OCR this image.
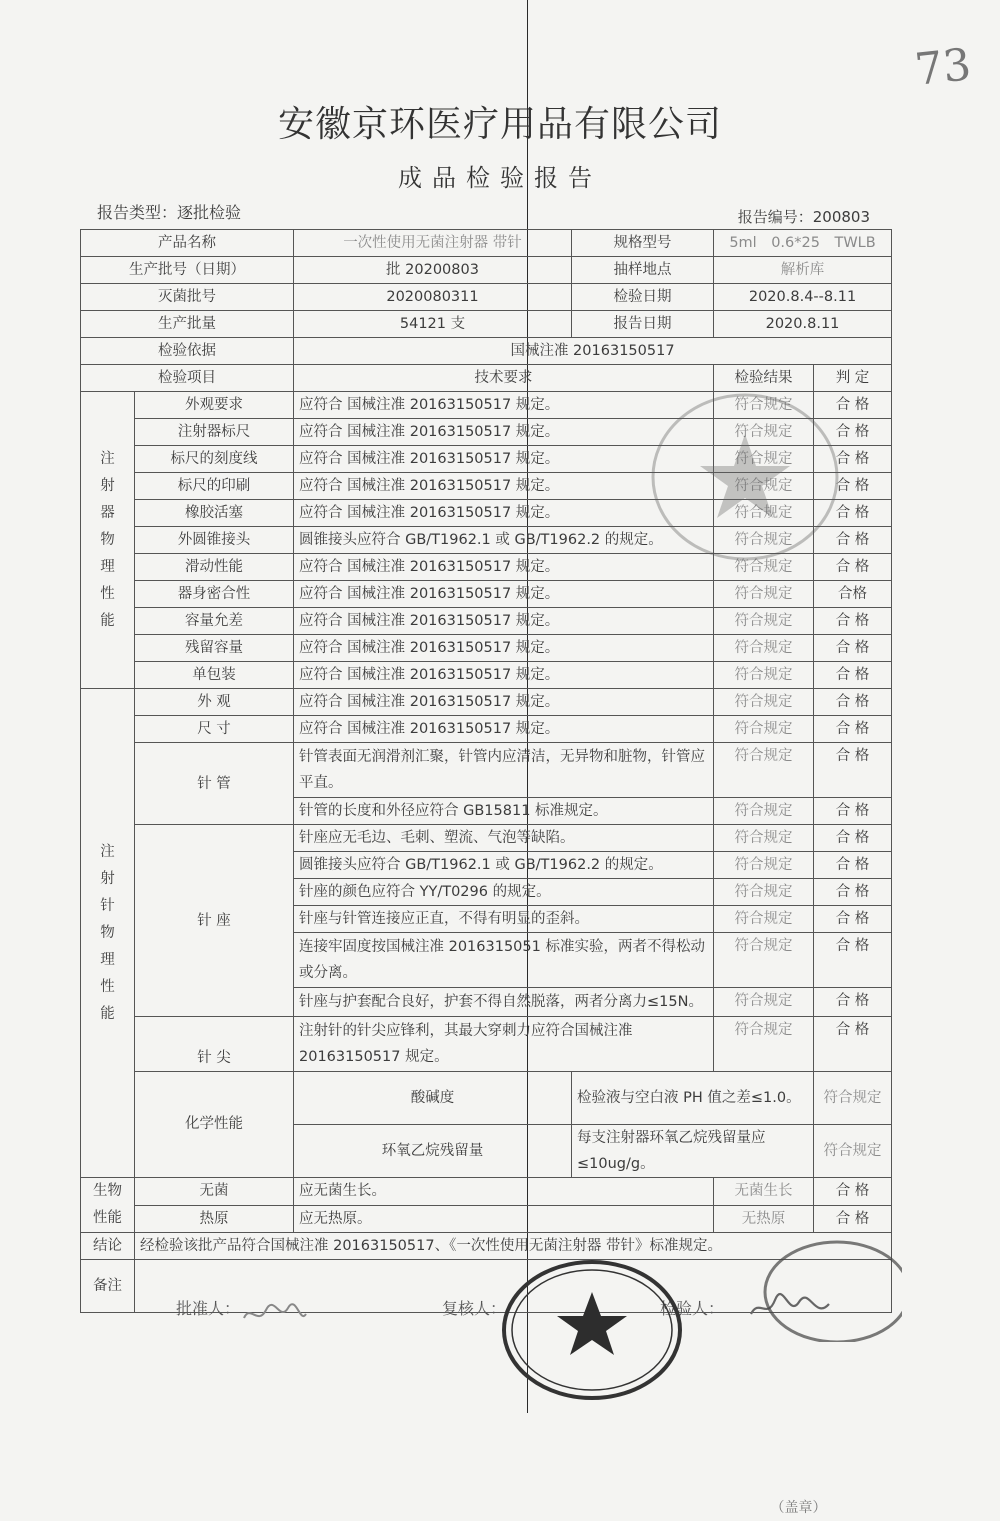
73
安徽京环医疗用品有限公司
成品检验报告
报告类型：逐批检验	报告编号：200803
产品名称		一次性使用无菌注射器 带针	规格型号	5ml　0.6*25　TWLB		
生产批号（日期）		批 20200803	抽样地点	解析库		
灭菌批号		2020080311	检验日期	2020.8.4--8.11		
生产批量		54121 支	报告日期	2020.8.11		
检验依据		国械注准 20163150517				
检验项目		技术要求		检验结果	判 定	
注射器物理性能	外观要求	应符合 国械注准 20163150517 规定。		符合规定	合 格	
	注射器标尺	应符合 国械注准 20163150517 规定。		符合规定	合 格	
	标尺的刻度线	应符合 国械注准 20163150517 规定。		符合规定	合 格	
	标尺的印刷	应符合 国械注准 20163150517 规定。		符合规定	合 格	
	橡胶活塞	应符合 国械注准 20163150517 规定。		符合规定	合 格	
	外圆锥接头	圆锥接头应符合 GB/T1962.1 或 GB/T1962.2 的规定。		符合规定	合 格	
	滑动性能	应符合 国械注准 20163150517 规定。		符合规定	合 格	
	器身密合性	应符合 国械注准 20163150517 规定。		符合规定	合格	
	容量允差	应符合 国械注准 20163150517 规定。		符合规定	合 格	
	残留容量	应符合 国械注准 20163150517 规定。		符合规定	合 格	
	单包装	应符合 国械注准 20163150517 规定。		符合规定	合 格	
注射针物理性能	外 观	应符合 国械注准 20163150517 规定。		符合规定	合 格	
	尺 寸	应符合 国械注准 20163150517 规定。		符合规定	合 格	
	针 管	针管表面无润滑剂汇聚，针管内应清洁，无异物和脏物，针管应平直。		符合规定	合 格	
		针管的长度和外径应符合 GB15811 标准规定。		符合规定	合 格	
	针 座	针座应无毛边、毛刺、塑流、气泡等缺陷。		符合规定	合 格	
		圆锥接头应符合 GB/T1962.1 或 GB/T1962.2 的规定。		符合规定	合 格	
		针座的颜色应符合 YY/T0296 的规定。		符合规定	合 格	
		针座与针管连接应正直，不得有明显的歪斜。		符合规定	合 格	
		连接牢固度按国械注准 2016315051 标准实验，两者不得松动或分离。		符合规定	合 格	
		针座与护套配合良好，护套不得自然脱落，两者分离力≤15N。		符合规定	合 格	
	针 尖	注射针的针尖应锋利，其最大穿刺力应符合国械注准 20163150517 规定。		符合规定	合 格	
	化学性能	酸碱度	检验液与空白液 PH 值之差≤1.0。		符合规定	
		环氧乙烷残留量	每支注射器环氧乙烷残留量应≤10ug/g。		符合规定	
生物性能	无菌	应无菌生长。		无菌生长	合 格	
	热原	应无热原。		无热原	合 格	
结论	经检验该批产品符合国械注准 20163150517、《一次性使用无菌注射器 带针》标准规定。
（盖章）					

备注						
批准人：	复核人：	检验人：
